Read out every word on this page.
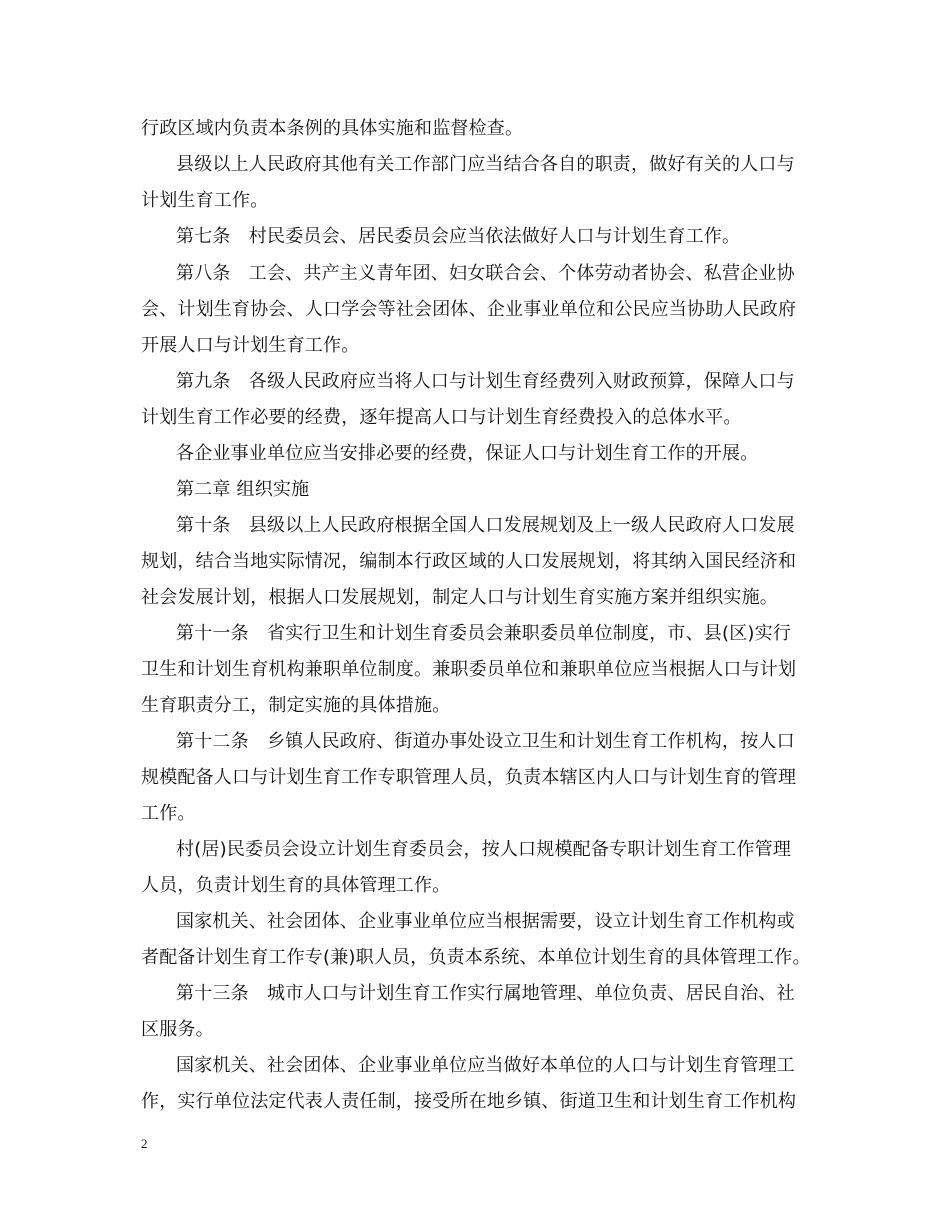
行政区域内负责本条例的具体实施和监督检查。
县级以上人民政府其他有关工作部门应当结合各自的职责，做好有关的人口与
计划生育工作。
第七条　村民委员会、居民委员会应当依法做好人口与计划生育工作。
第八条　工会、共产主义青年团、妇女联合会、个体劳动者协会、私营企业协
会、计划生育协会、人口学会等社会团体、企业事业单位和公民应当协助人民政府
开展人口与计划生育工作。
第九条　各级人民政府应当将人口与计划生育经费列入财政预算，保障人口与
计划生育工作必要的经费，逐年提高人口与计划生育经费投入的总体水平。
各企业事业单位应当安排必要的经费，保证人口与计划生育工作的开展。
第二章 组织实施
第十条　县级以上人民政府根据全国人口发展规划及上一级人民政府人口发展
规划，结合当地实际情况，编制本行政区域的人口发展规划，将其纳入国民经济和
社会发展计划，根据人口发展规划，制定人口与计划生育实施方案并组织实施。
第十一条　省实行卫生和计划生育委员会兼职委员单位制度，市、县(区)实行
卫生和计划生育机构兼职单位制度。兼职委员单位和兼职单位应当根据人口与计划
生育职责分工，制定实施的具体措施。
第十二条　乡镇人民政府、街道办事处设立卫生和计划生育工作机构，按人口
规模配备人口与计划生育工作专职管理人员，负责本辖区内人口与计划生育的管理
工作。
村(居)民委员会设立计划生育委员会，按人口规模配备专职计划生育工作管理
人员，负责计划生育的具体管理工作。
国家机关、社会团体、企业事业单位应当根据需要，设立计划生育工作机构或
者配备计划生育工作专(兼)职人员，负责本系统、本单位计划生育的具体管理工作。
第十三条　城市人口与计划生育工作实行属地管理、单位负责、居民自治、社
区服务。
国家机关、社会团体、企业事业单位应当做好本单位的人口与计划生育管理工
作，实行单位法定代表人责任制，接受所在地乡镇、街道卫生和计划生育工作机构
2
